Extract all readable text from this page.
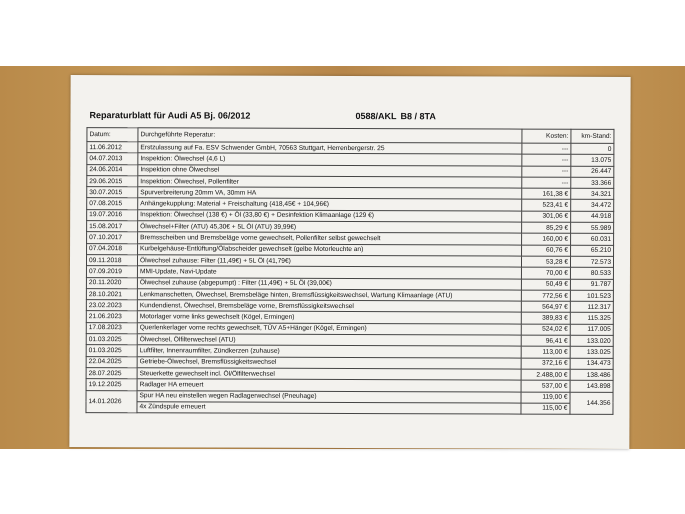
Reparaturblatt für Audi A5 Bj. 06/2012	0588/AKL B8 / 8TA
Datum:	Durchgeführte Reperatur:	Kosten:	km-Stand:
11.06.2012	Erstzulassung auf Fa. ESV Schwender GmbH, 70563 Stuttgart, Herrenbergerstr. 25	---	0
04.07.2013	Inspektion: Ölwechsel (4,6 L)	---	13.075
24.06.2014	Inspektion ohne Ölwechsel	---	26.447
29.06.2015	Inspektion: Ölwechsel, Pollenfilter	---	33.366
30.07.2015	Spurverbreiterung 20mm VA, 30mm HA	161,38 €	34.321
07.08.2015	Anhängekupplung: Material + Freischaltung (418,45€ + 104,96€)	523,41 €	34.472
19.07.2016	Inspektion: Ölwechsel (138 €) + Öl (33,80 €) + Desinfektion Klimaanlage (129 €)	301,06 €	44.918
15.08.2017	Ölwechsel+Filter (ATU) 45,30€ + 5L Öl (ATU) 39,99€)	85,29 €	55.989
07.10.2017	Bremsscheiben und Bremsbeläge vorne gewechselt, Pollenfilter selbst gewechselt	160,00 €	60.031
07.04.2018	Kurbelgehäuse-Entlüftung/Ölabscheider gewechselt (gelbe Motorleuchte an)	60,76 €	65.210
09.11.2018	Ölwechsel zuhause: Filter (11,49€) + 5L Öl (41,79€)	53,28 €	72.573
07.09.2019	MMI-Update, Navi-Update	70,00 €	80.533
20.11.2020	Ölwechsel zuhause (abgepumpt) : Filter (11,49€) + 5L Öl (39,00€)	50,49 €	91.787
28.10.2021	Lenkmanschetten, Ölwechsel, Bremsbeläge hinten, Bremsflüssigkeitswechsel, Wartung Klimaanlage (ATU)	772,56 €	101.523
23.02.2023	Kundendienst, Ölwechsel, Bremsbeläge vorne, Bremsflüssigkeitswechsel	564,97 €	112.317
21.06.2023	Motorlager vorne links gewechselt (Kögel, Ermingen)	389,83 €	115.325
17.08.2023	Querlenkerlager vorne rechts gewechselt, TÜV A5+Hänger (Kögel, Ermingen)	524,02 €	117.005
01.03.2025	Ölwechsel, Ölfilterwechsel (ATU)	96,41 €	133.020
01.03.2025	Luftfilter, Innenraumfilter, Zündkerzen (zuhause)	113,00 €	133.025
22.04.2025	Getriebe-Ölwechsel, Bremsflüssigkeitswechsel	372,16 €	134.473
28.07.2025	Steuerkette gewechselt incl. Öl/Ölfilterwechsel	2.488,00 €	138.486
19.12.2025	Radlager HA erneuert	537,00 €	143.898
14.01.2026	Spur HA neu einstellen wegen Radlagerwechsel (Pneuhage)	119,00 €	144.356
	4x Zündspule erneuert	115,00 €	
